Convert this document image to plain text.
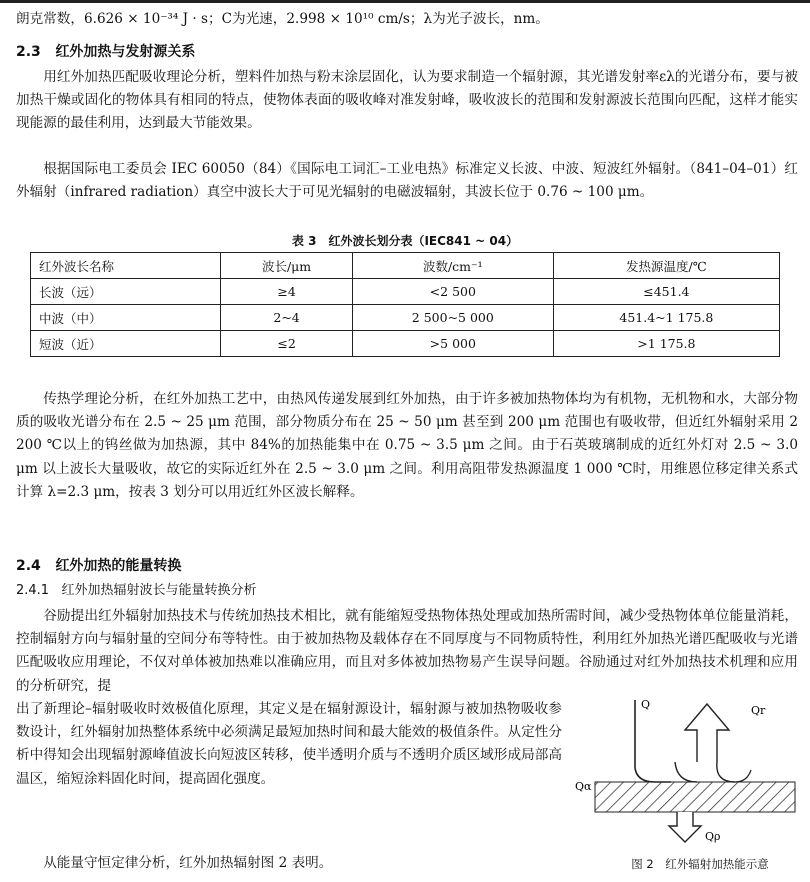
朗克常数，6.626 × 10⁻³⁴ J · s；C为光速，2.998 × 10¹⁰ cm/s；λ为光子波长，nm。

2.3 红外加热与发射源关系

用红外加热匹配吸收理论分析，塑料件加热与粉末涂层固化，认为要求制造一个辐射源，其光谱发射率ελ的光谱分布，要与被加热干燥或固化的物体具有相同的特点，使物体表面的吸收峰对准发射峰，吸收波长的范围和发射源波长范围向匹配，这样才能实现能源的最佳利用，达到最大节能效果。

根据国际电工委员会 IEC 60050（84）《国际电工词汇–工业电热》标准定义长波、中波、短波红外辐射。（841–04–01）红外辐射（infrared radiation）真空中波长大于可见光辐射的电磁波辐射，其波长位于 0.76 ~ 100 μm。

表 3　红外波长划分表（IEC841 ~ 04）
红外波长名称	波长/μm	波数/cm⁻¹	发热源温度/℃
长波（远）	≥4	<2 500	≤451.4
中波（中）	2~4	2 500~5 000	451.4~1 175.8
短波（近）	≤2	>5 000	>1 175.8

传热学理论分析，在红外加热工艺中，由热风传递发展到红外加热，由于许多被加热物体均为有机物，无机物和水，大部分物质的吸收光谱分布在 2.5 ~ 25 μm 范围，部分物质分布在 25 ~ 50 μm 甚至到 200 μm 范围也有吸收带，但近红外辐射采用 2 200 ℃以上的钨丝做为加热源，其中 84%的加热能集中在 0.75 ~ 3.5 μm 之间。由于石英玻璃制成的近红外灯对 2.5 ~ 3.0 μm 以上波长大量吸收，故它的实际近红外在 2.5 ~ 3.0 μm 之间。利用高阻带发热源温度 1 000 ℃时，用维恩位移定律关系式计算 λ=2.3 μm，按表 3 划分可以用近红外区波长解释。

2.4 红外加热的能量转换
2.4.1 红外加热辐射波长与能量转换分析

谷励提出红外辐射加热技术与传统加热技术相比，就有能缩短受热物体热处理或加热所需时间，减少受热物体单位能量消耗，控制辐射方向与辐射量的空间分布等特性。由于被加热物及载体存在不同厚度与不同物质特性，利用红外加热光谱匹配吸收与光谱匹配吸收应用理论，不仅对单体被加热难以准确应用，而且对多体被加热物易产生误导问题。谷励通过对红外加热技术机理和应用的分析研究，提

出了新理论–辐射吸收时效极值化原理，其定义是在辐射源设计，辐射源与被加热物吸收参数设计，红外辐射加热整体系统中必须满足最短加热时间和最大能效的极值条件。从定性分析中得知会出现辐射源峰值波长向短波区转移，使半透明介质与不透明介质区域形成局部高温区，缩短涂料固化时间，提高固化强度。

从能量守恒定律分析，红外加热辐射图 2 表明。

Q	Qr
Qα
Qρ
图 2　红外辐射加热能示意
